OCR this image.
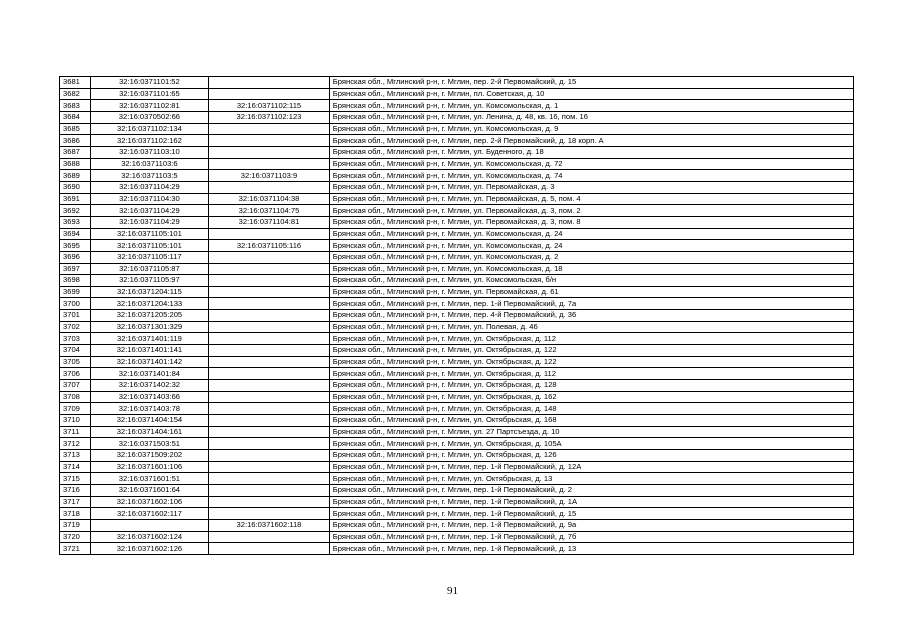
3681	32:16:0371101:52		Брянская обл., Мглинский р-н, г. Мглин, пер. 2-й Первомайский, д. 15
3682	32:16:0371101:65		Брянская обл., Мглинский р-н, г. Мглин, пл. Советская, д. 10
3683	32:16:0371102:81	32:16:0371102:115	Брянская обл., Мглинский р-н, г. Мглин, ул. Комсомольская, д. 1
3684	32:16:0370502:66	32:16:0371102:123	Брянская обл., Мглинский р-н, г. Мглин, ул. Ленина, д. 48, кв. 16, пом. 16
3685	32:16:0371102:134		Брянская обл., Мглинский р-н, г. Мглин, ул. Комсомольская, д. 9
3686	32:16:0371102:162		Брянская обл., Мглинский р-н, г. Мглин, пер. 2-й Первомайский, д. 18 корп. А
3687	32:16:0371103:10		Брянская обл., Мглинский р-н, г. Мглин, ул. Буденного, д. 18
3688	32:16:0371103:6		Брянская обл., Мглинский р-н, г. Мглин, ул. Комсомольская, д. 72
3689	32:16:0371103:5	32:16:0371103:9	Брянская обл., Мглинский р-н, г. Мглин, ул. Комсомольская, д. 74
3690	32:16:0371104:29		Брянская обл., Мглинский р-н, г. Мглин, ул. Первомайская, д. 3
3691	32:16:0371104:30	32:16:0371104:38	Брянская обл., Мглинский р-н, г. Мглин, ул. Первомайская, д. 5, пом. 4
3692	32:16:0371104:29	32:16:0371104:75	Брянская обл., Мглинский р-н, г. Мглин, ул. Первомайская, д. 3, пом. 2
3693	32:16:0371104:29	32:16:0371104:81	Брянская обл., Мглинский р-н, г. Мглин, ул. Первомайская, д. 3, пом. 8
3694	32:16:0371105:101		Брянская обл., Мглинский р-н, г. Мглин, ул. Комсомольская, д. 24
3695	32:16:0371105:101	32:16:0371105:116	Брянская обл., Мглинский р-н, г. Мглин, ул. Комсомольская, д. 24
3696	32:16:0371105:117		Брянская обл., Мглинский р-н, г. Мглин, ул. Комсомольская, д. 2
3697	32:16:0371105:87		Брянская обл., Мглинский р-н, г. Мглин, ул. Комсомольская, д. 18
3698	32:16:0371105:97		Брянская обл., Мглинский р-н, г. Мглин, ул. Комсомольская, б/н
3699	32:16:0371204:115		Брянская обл., Мглинский р-н, г. Мглин, ул. Первомайская, д. 61
3700	32:16:0371204:133		Брянская обл., Мглинский р-н, г. Мглин, пер. 1-й Первомайский, д. 7а
3701	32:16:0371205:205		Брянская обл., Мглинский р-н, г. Мглин, пер. 4-й Первомайский, д. 36
3702	32:16:0371301:329		Брянская обл., Мглинский р-н, г. Мглин, ул. Полевая, д. 46
3703	32:16:0371401:119		Брянская обл., Мглинский р-н, г. Мглин, ул. Октябрьская, д. 112
3704	32:16:0371401:141		Брянская обл., Мглинский р-н, г. Мглин, ул. Октябрьская, д. 122
3705	32:16:0371401:142		Брянская обл., Мглинский р-н, г. Мглин, ул. Октябрьская, д. 122
3706	32:16:0371401:84		Брянская обл., Мглинский р-н, г. Мглин, ул. Октябрьская, д. 112
3707	32:16:0371402:32		Брянская обл., Мглинский р-н, г. Мглин, ул. Октябрьская, д. 128
3708	32:16:0371403:66		Брянская обл., Мглинский р-н, г. Мглин, ул. Октябрьская, д. 162
3709	32:16:0371403:78		Брянская обл., Мглинский р-н, г. Мглин, ул. Октябрьская, д. 148
3710	32:16:0371404:154		Брянская обл., Мглинский р-н, г. Мглин, ул. Октябрьская, д. 168
3711	32:16:0371404:161		Брянская обл., Мглинский р-н, г. Мглин, ул. 27 Партсъезда, д. 10
3712	32:16:0371503:51		Брянская обл., Мглинский р-н, г. Мглин, ул. Октябрьская, д. 105А
3713	32:16:0371509:202		Брянская обл., Мглинский р-н, г. Мглин, ул. Октябрьская, д. 126
3714	32:16:0371601:106		Брянская обл., Мглинский р-н, г. Мглин, пер. 1-й Первомайский, д. 12А
3715	32:16:0371601:51		Брянская обл., Мглинский р-н, г. Мглин, ул. Октябрьская, д. 13
3716	32:16:0371601:64		Брянская обл., Мглинский р-н, г. Мглин, пер. 1-й Первомайский, д. 2
3717	32:16:0371602:106		Брянская обл., Мглинский р-н, г. Мглин, пер. 1-й Первомайский, д. 1А
3718	32:16:0371602:117		Брянская обл., Мглинский р-н, г. Мглин, пер. 1-й Первомайский, д. 15
3719		32:16:0371602:118	Брянская обл., Мглинский р-н, г. Мглин, пер. 1-й Первомайский, д. 9а
3720	32:16:0371602:124		Брянская обл., Мглинский р-н, г. Мглин, пер. 1-й Первомайский, д. 7б
3721	32:16:0371602:126		Брянская обл., Мглинский р-н, г. Мглин, пер. 1-й Первомайский, д. 13
91
